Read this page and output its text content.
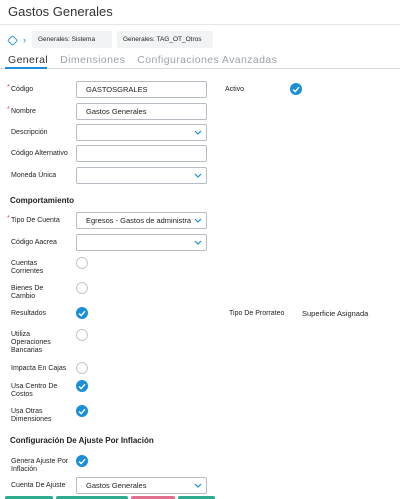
Gastos Generales
›	Generales: Sistema	Generales: TAG_OT_Otros
General Dimensiones Configuraciones Avanzadas
* Código	GASTOSGRALES	Activo
* Nombre	Gastos Generales
Descripción
Código Alternativo
Moneda Única
Comportamiento
* Tipo De Cuenta	Egresos - Gastos de administra
Código Aacrea
Cuentas
Corrientes
Bienes De
Cambio
Resultados	Tipo De Prorrateo Superficie Asignada
Utiliza
Operaciones
Bancarias
Impacta En Cajas
Usa Centro De
Costos
Usa Otras
Dimensiones
Configuración De Ajuste Por Inflación
Genera Ajuste Por
Inflación
Cuenta De Ajuste	Gastos Generales
